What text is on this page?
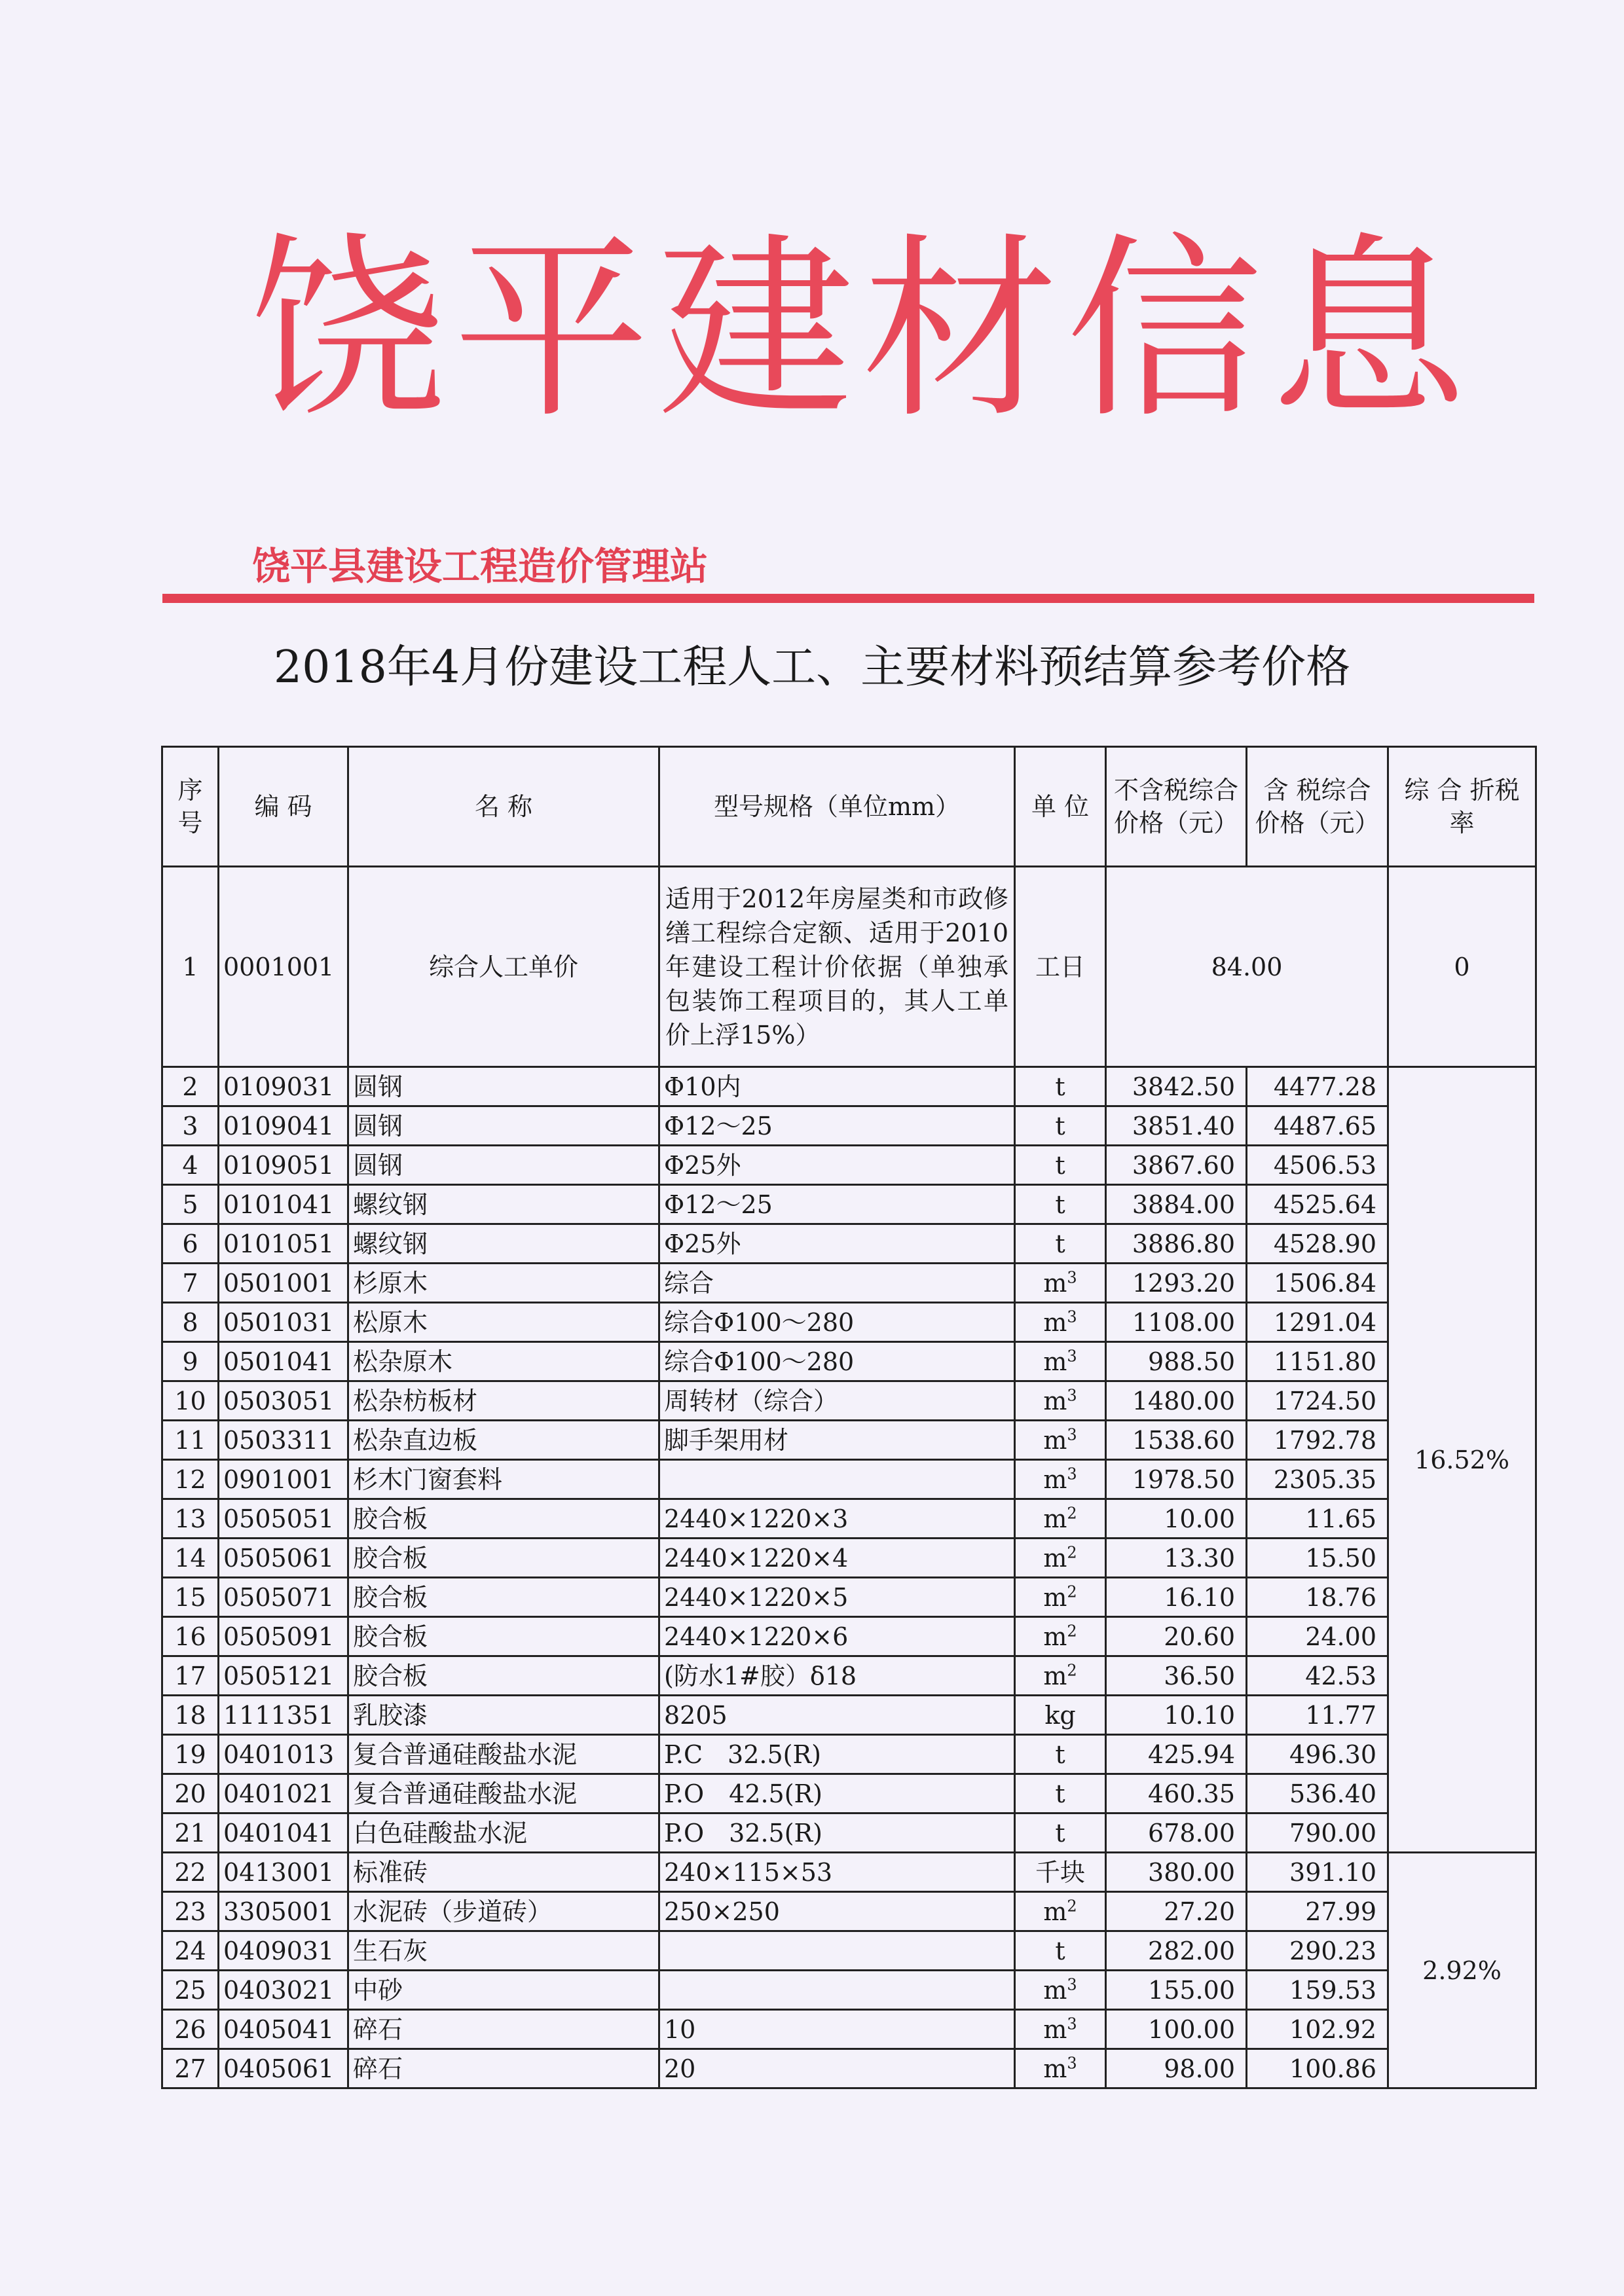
饶平建材信息
饶平县建设工程造价管理站
2018年4月份建设工程人工、主要材料预结算参考价格
序号	编 码	名 称	型号规格（单位mm）	单 位	不含税综合价格（元）	含 税综合价格（元）	综 合 折税率
1	0001001	综合人工单价	适用于2012年房屋类和市政修缮工程综合定额、适用于2010年建设工程计价依据（单独承包装饰工程项目的，其人工单价上浮15%）	工日	84.00		0
2	0109031	圆钢	Φ10内	t	3842.50	4477.28	16.52%
3	0109041	圆钢	Φ12～25	t	3851.40	4487.65	
4	0109051	圆钢	Φ25外	t	3867.60	4506.53	
5	0101041	螺纹钢	Φ12～25	t	3884.00	4525.64	
6	0101051	螺纹钢	Φ25外	t	3886.80	4528.90	
7	0501001	杉原木	综合	$m^3$	1293.20	1506.84	
8	0501031	松原木	综合Φ100～280	$m^3$	1108.00	1291.04	
9	0501041	松杂原木	综合Φ100～280	$m^3$	988.50	1151.80	
10	0503051	松杂枋板材	周转材（综合）	$m^3$	1480.00	1724.50	
11	0503311	松杂直边板	脚手架用材	$m^3$	1538.60	1792.78	
12	0901001	杉木门窗套料		$m^3$	1978.50	2305.35	
13	0505051	胶合板	2440×1220×3	$m^2$	10.00	11.65	
14	0505061	胶合板	2440×1220×4	$m^2$	13.30	15.50	
15	0505071	胶合板	2440×1220×5	$m^2$	16.10	18.76	
16	0505091	胶合板	2440×1220×6	$m^2$	20.60	24.00	
17	0505121	胶合板	(防水1#胶）δ18	$m^2$	36.50	42.53	
18	1111351	乳胶漆	8205	kg	10.10	11.77	
19	0401013	复合普通硅酸盐水泥	P.C　32.5(R)	t	425.94	496.30	
20	0401021	复合普通硅酸盐水泥	P.O　42.5(R)	t	460.35	536.40	
21	0401041	白色硅酸盐水泥	P.O　32.5(R)	t	678.00	790.00	
22	0413001	标准砖	240×115×53	千块	380.00	391.10	2.92%
23	3305001	水泥砖（步道砖）	250×250	$m^2$	27.20	27.99	
24	0409031	生石灰		t	282.00	290.23	
25	0403021	中砂		$m^3$	155.00	159.53	
26	0405041	碎石	10	$m^3$	100.00	102.92	
27	0405061	碎石	20	$m^3$	98.00	100.86	
